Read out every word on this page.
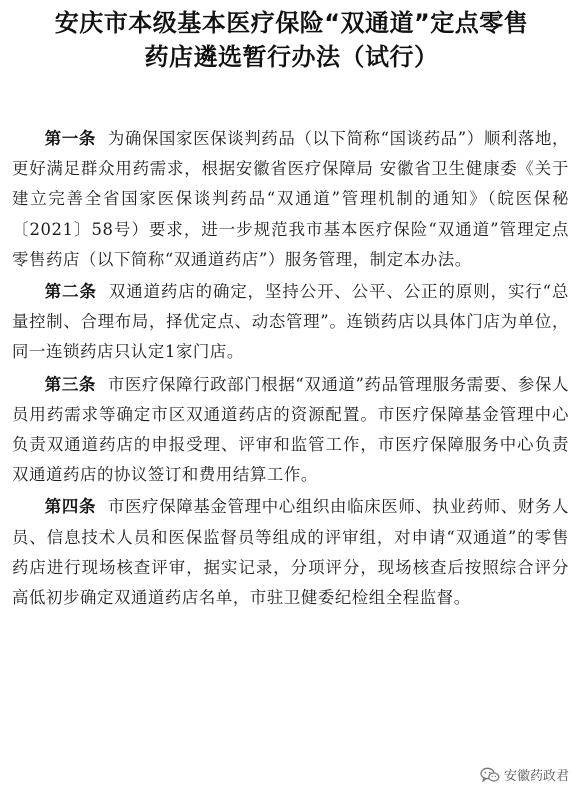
安庆市本级基本医疗保险“双通道”定点零售
药店遴选暂行办法（试行）

第一条 为确保国家医保谈判药品（以下简称“国谈药品”）顺利落地，更好满足群众用药需求，根据安徽省医疗保障局 安徽省卫生健康委《关于建立完善全省国家医保谈判药品“双通道”管理机制的通知》（皖医保秘〔2021〕58号）要求，进一步规范我市基本医疗保险“双通道”管理定点零售药店（以下简称“双通道药店”）服务管理，制定本办法。

第二条 双通道药店的确定，坚持公开、公平、公正的原则，实行“总量控制、合理布局，择优定点、动态管理”。连锁药店以具体门店为单位，同一连锁药店只认定1家门店。

第三条 市医疗保障行政部门根据“双通道”药品管理服务需要、参保人员用药需求等确定市区双通道药店的资源配置。市医疗保障基金管理中心负责双通道药店的申报受理、评审和监管工作，市医疗保障服务中心负责双通道药店的协议签订和费用结算工作。

第四条 市医疗保障基金管理中心组织由临床医师、执业药师、财务人员、信息技术人员和医保监督员等组成的评审组，对申请“双通道”的零售药店进行现场核查评审，据实记录，分项评分，现场核查后按照综合评分高低初步确定双通道药店名单，市驻卫健委纪检组全程监督。

安徽药政君
